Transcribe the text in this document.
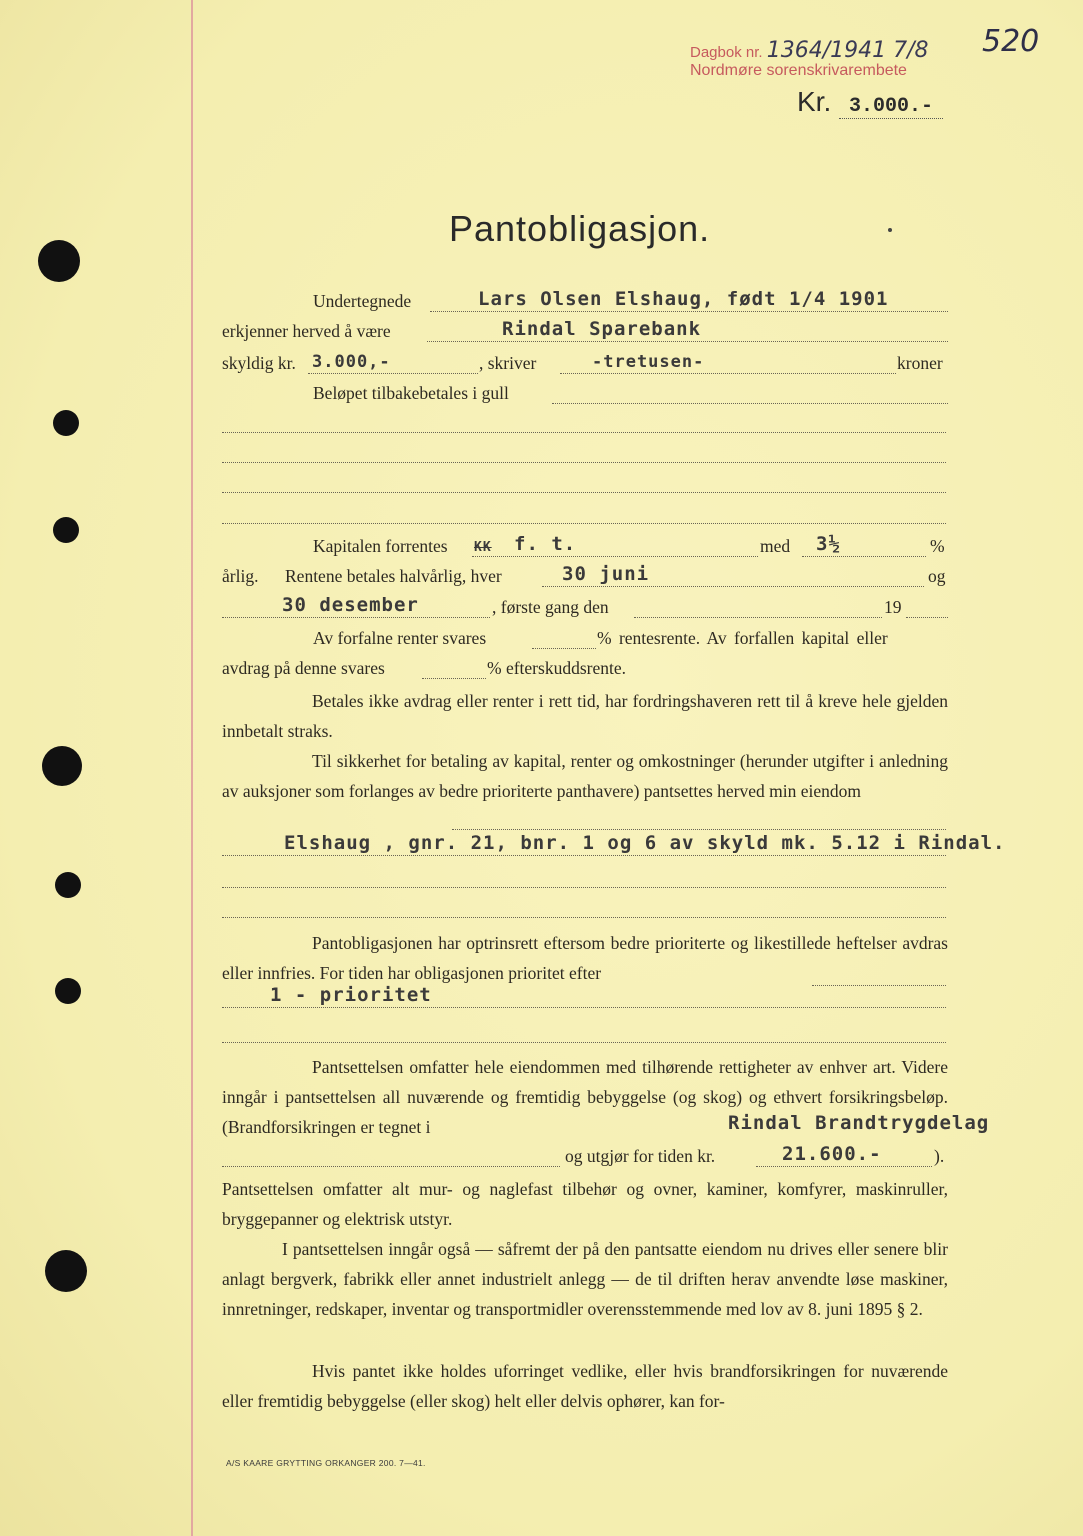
Dagbok nr. 1364/1941 7/8
Nordmøre sorenskrivarembete
520
Kr. 3.000.-
Pantobligasjon.
Undertegnede	Lars Olsen Elshaug, født 1/4 1901
erkjenner herved å være	Rindal Sparebank
skyldig kr. 3.000,-	, skriver	-tretusen-	kroner
Beløpet tilbakebetales i gull
Kapitalen forrentes KK f. t.	med 3½	%
årlig. Rentene betales halvårlig, hver	30 juni	og
30 desember	, første gang den	19
Av forfalne renter svares	% rentesrente. Av forfallen kapital eller
avdrag på denne svares	% efterskuddsrente.
Betales ikke avdrag eller renter i rett tid, har fordringshaveren rett til å kreve hele gjelden innbetalt straks.
Til sikkerhet for betaling av kapital, renter og omkostninger (herunder utgifter i anledning av auksjoner som forlanges av bedre prioriterte panthavere) pantsettes herved min eiendom
Elshaug , gnr. 21, bnr. 1 og 6 av skyld mk. 5.12 i Rindal.
Pantobligasjonen har optrinsrett eftersom bedre prioriterte og likestillede heftelser avdras eller innfries. For tiden har obligasjonen prioritet efter
1 - prioritet
Pantsettelsen omfatter hele eiendommen med tilhørende rettigheter av enhver art. Videre inngår i pantsettelsen all nuværende og fremtidig bebyggelse (og skog) og ethvert forsikringsbeløp. (Brandforsikringen er tegnet i	Rindal Brandtrygdelag
og utgjør for tiden kr.	21.600.-	).
Pantsettelsen omfatter alt mur- og naglefast tilbehør og ovner, kaminer, komfyrer, maskinruller, bryggepanner og elektrisk utstyr.
I pantsettelsen inngår også — såfremt der på den pantsatte eiendom nu drives eller senere blir anlagt bergverk, fabrikk eller annet industrielt anlegg — de til driften herav anvendte løse maskiner, innretninger, redskaper, inventar og transportmidler overensstemmende med lov av 8. juni 1895 § 2.
Hvis pantet ikke holdes uforringet vedlike, eller hvis brandforsikringen for nuværende eller fremtidig bebyggelse (eller skog) helt eller delvis ophører, kan for-
A/S KAARE GRYTTING ORKANGER 200. 7—41.
